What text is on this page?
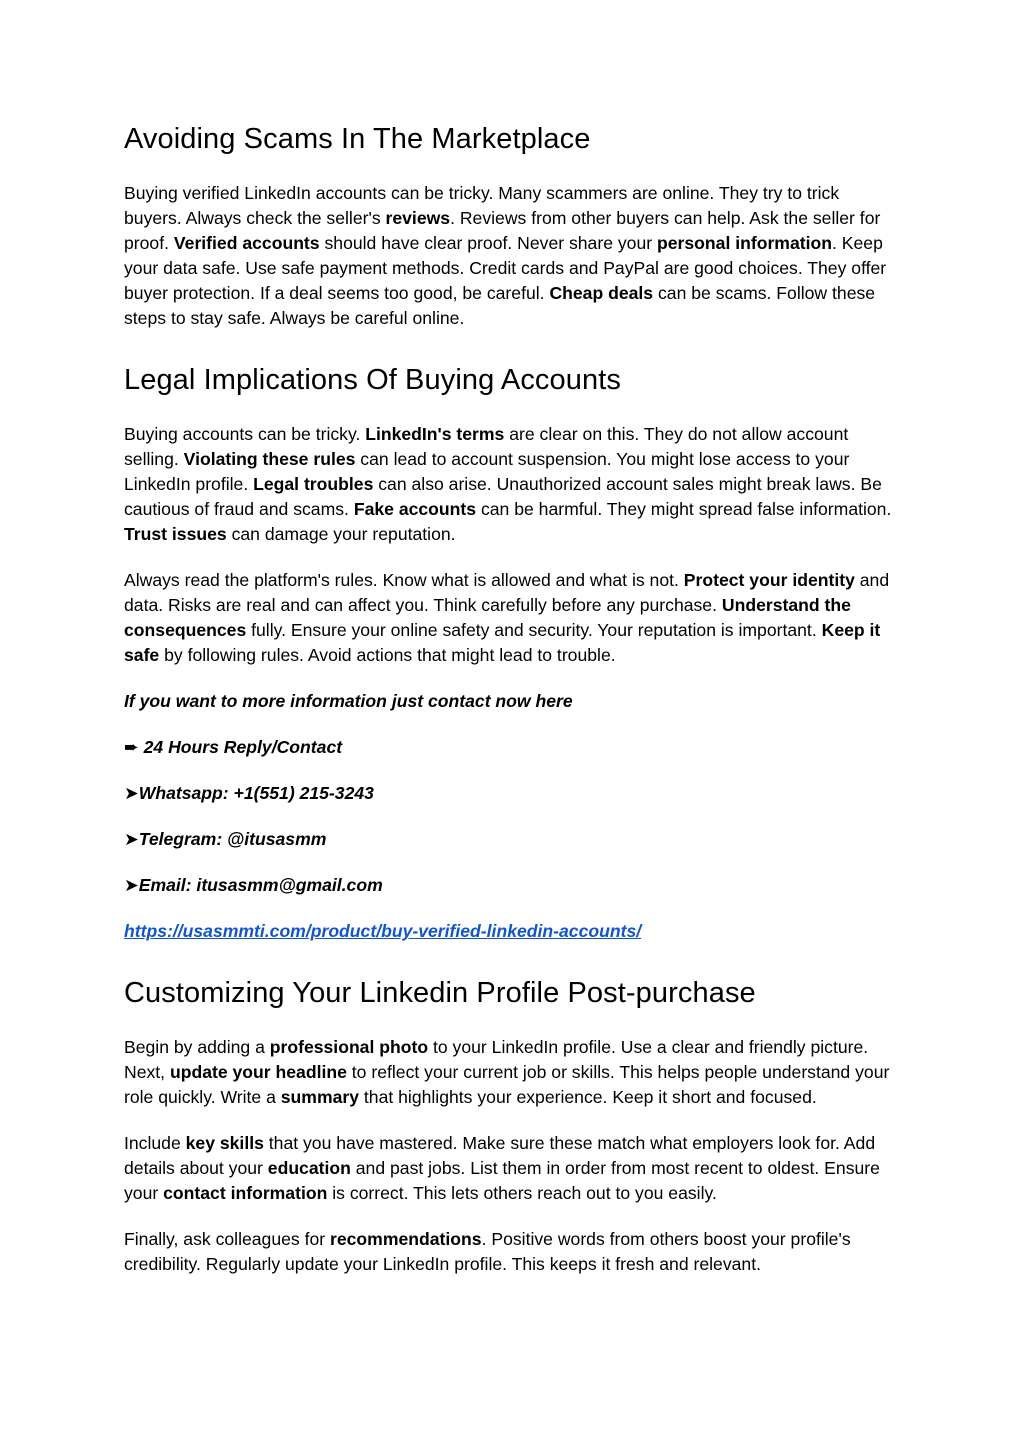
Avoiding Scams In The Marketplace

Buying verified LinkedIn accounts can be tricky. Many scammers are online. They try to trick buyers. Always check the seller's reviews. Reviews from other buyers can help. Ask the seller for proof. Verified accounts should have clear proof. Never share your personal information. Keep your data safe. Use safe payment methods. Credit cards and PayPal are good choices. They offer buyer protection. If a deal seems too good, be careful. Cheap deals can be scams. Follow these steps to stay safe. Always be careful online.

Legal Implications Of Buying Accounts

Buying accounts can be tricky. LinkedIn's terms are clear on this. They do not allow account selling. Violating these rules can lead to account suspension. You might lose access to your LinkedIn profile. Legal troubles can also arise. Unauthorized account sales might break laws. Be cautious of fraud and scams. Fake accounts can be harmful. They might spread false information. Trust issues can damage your reputation.

Always read the platform's rules. Know what is allowed and what is not. Protect your identity and data. Risks are real and can affect you. Think carefully before any purchase. Understand the consequences fully. Ensure your online safety and security. Your reputation is important. Keep it safe by following rules. Avoid actions that might lead to trouble.

If you want to more information just contact now here

➨ 24 Hours Reply/Contact

➤Whatsapp: +1(551) 215-3243

➤Telegram: @itusasmm

➤Email: itusasmm@gmail.com

https://usasmmti.com/product/buy-verified-linkedin-accounts/

Customizing Your Linkedin Profile Post-purchase

Begin by adding a professional photo to your LinkedIn profile. Use a clear and friendly picture. Next, update your headline to reflect your current job or skills. This helps people understand your role quickly. Write a summary that highlights your experience. Keep it short and focused.

Include key skills that you have mastered. Make sure these match what employers look for. Add details about your education and past jobs. List them in order from most recent to oldest. Ensure your contact information is correct. This lets others reach out to you easily.

Finally, ask colleagues for recommendations. Positive words from others boost your profile's credibility. Regularly update your LinkedIn profile. This keeps it fresh and relevant.
